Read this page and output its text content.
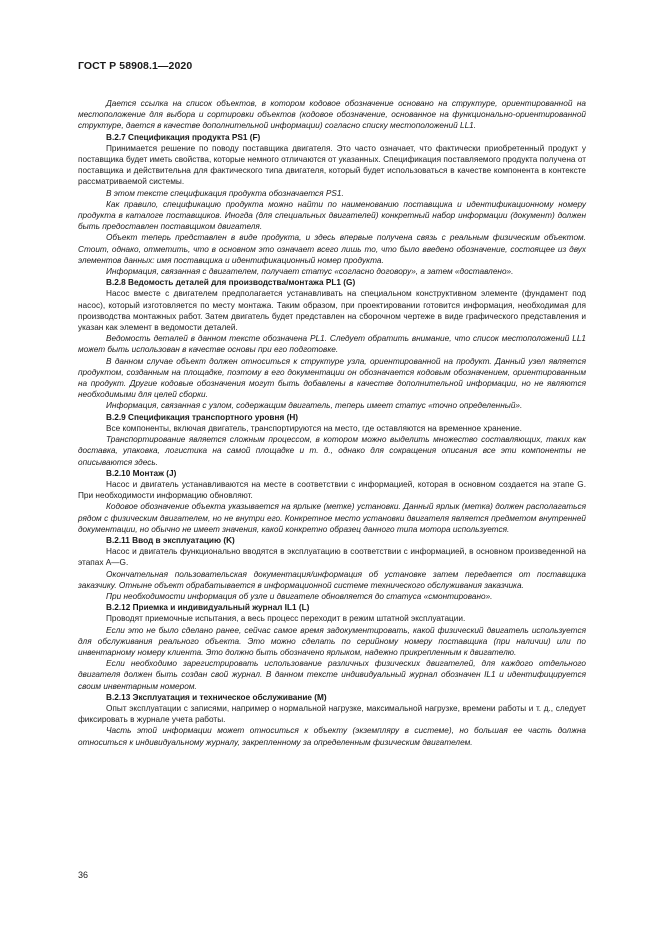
ГОСТ Р 58908.1—2020

Дается ссылка на список объектов, в котором кодовое обозначение основано на структуре, ориентированной на местоположение для выбора и сортировки объектов (кодовое обозначение, основанное на функционально-ориентированной структуре, дается в качестве дополнительной информации) согласно списку местоположений LL1.

В.2.7 Спецификация продукта PS1 (F)

Принимается решение по поводу поставщика двигателя. Это часто означает, что фактически приобретенный продукт у поставщика будет иметь свойства, которые немного отличаются от указанных. Спецификация поставляемого продукта получена от поставщика и действительна для фактического типа двигателя, который будет использоваться в качестве компонента в контексте рассматриваемой системы.

В этом тексте спецификация продукта обозначается PS1.

Как правило, спецификацию продукта можно найти по наименованию поставщика и идентификационному номеру продукта в каталоге поставщиков. Иногда (для специальных двигателей) конкретный набор информации (документ) должен быть предоставлен поставщиком двигателя.

Объект теперь представлен в виде продукта, и здесь впервые получена связь с реальным физическим объектом. Стоит, однако, отметить, что в основном это означает всего лишь то, что было введено обозначение, состоящее из двух элементов данных: имя поставщика и идентификационный номер продукта.

Информация, связанная с двигателем, получает статус «согласно договору», а затем «доставлено».

В.2.8 Ведомость деталей для производства/монтажа PL1 (G)

Насос вместе с двигателем предполагается устанавливать на специальном конструктивном элементе (фундамент под насос), который изготовляется по месту монтажа. Таким образом, при проектировании готовится информация, необходимая для производства монтажных работ. Затем двигатель будет представлен на сборочном чертеже в виде графического представления и указан как элемент в ведомости деталей.

Ведомость деталей в данном тексте обозначена PL1. Следует обратить внимание, что список местоположений LL1 может быть использован в качестве основы при его подготовке.

В данном случае объект должен относиться к структуре узла, ориентированной на продукт. Данный узел является продуктом, созданным на площадке, поэтому в его документации он обозначается кодовым обозначением, ориентированным на продукт. Другие кодовые обозначения могут быть добавлены в качестве дополнительной информации, но не являются необходимыми для целей сборки.

Информация, связанная с узлом, содержащим двигатель, теперь имеет статус «точно определенный».

В.2.9 Спецификация транспортного уровня (Н)

Все компоненты, включая двигатель, транспортируются на место, где оставляются на временное хранение.

Транспортирование является сложным процессом, в котором можно выделить множество составляющих, таких как доставка, упаковка, логистика на самой площадке и т. д., однако для сокращения описания все эти компоненты не описываются здесь.

В.2.10 Монтаж (J)

Насос и двигатель устанавливаются на месте в соответствии с информацией, которая в основном создается на этапе G. При необходимости информацию обновляют.

Кодовое обозначение объекта указывается на ярлыке (метке) установки. Данный ярлык (метка) должен располагаться рядом с физическим двигателем, но не внутри его. Конкретное место установки двигателя является предметом внутренней документации, но обычно не имеет значения, какой конкретно образец данного типа мотора используется.

В.2.11 Ввод в эксплуатацию (K)

Насос и двигатель функционально вводятся в эксплуатацию в соответствии с информацией, в основном произведенной на этапах А—G.

Окончательная пользовательская документация/информация об установке затем передается от поставщика заказчику. Отныне объект обрабатывается в информационной системе технического обслуживания заказчика.

При необходимости информация об узле и двигателе обновляется до статуса «смонтировано».

В.2.12 Приемка и индивидуальный журнал IL1 (L)

Проводят приемочные испытания, а весь процесс переходит в режим штатной эксплуатации.

Если это не было сделано ранее, сейчас самое время задокументировать, какой физический двигатель используется для обслуживания реального объекта. Это можно сделать по серийному номеру поставщика (при наличии) или по инвентарному номеру клиента. Это должно быть обозначено ярлыком, надежно прикрепленным к двигателю.

Если необходимо зарегистрировать использование различных физических двигателей, для каждого отдельного двигателя должен быть создан свой журнал. В данном тексте индивидуальный журнал обозначен IL1 и идентифицируется своим инвентарным номером.

В.2.13 Эксплуатация и техническое обслуживание (М)

Опыт эксплуатации с записями, например о нормальной нагрузке, максимальной нагрузке, времени работы и т. д., следует фиксировать в журнале учета работы.

Часть этой информации может относиться к объекту (экземпляру в системе), но большая ее часть должна относиться к индивидуальному журналу, закрепленному за определенным физическим двигателем.

36
